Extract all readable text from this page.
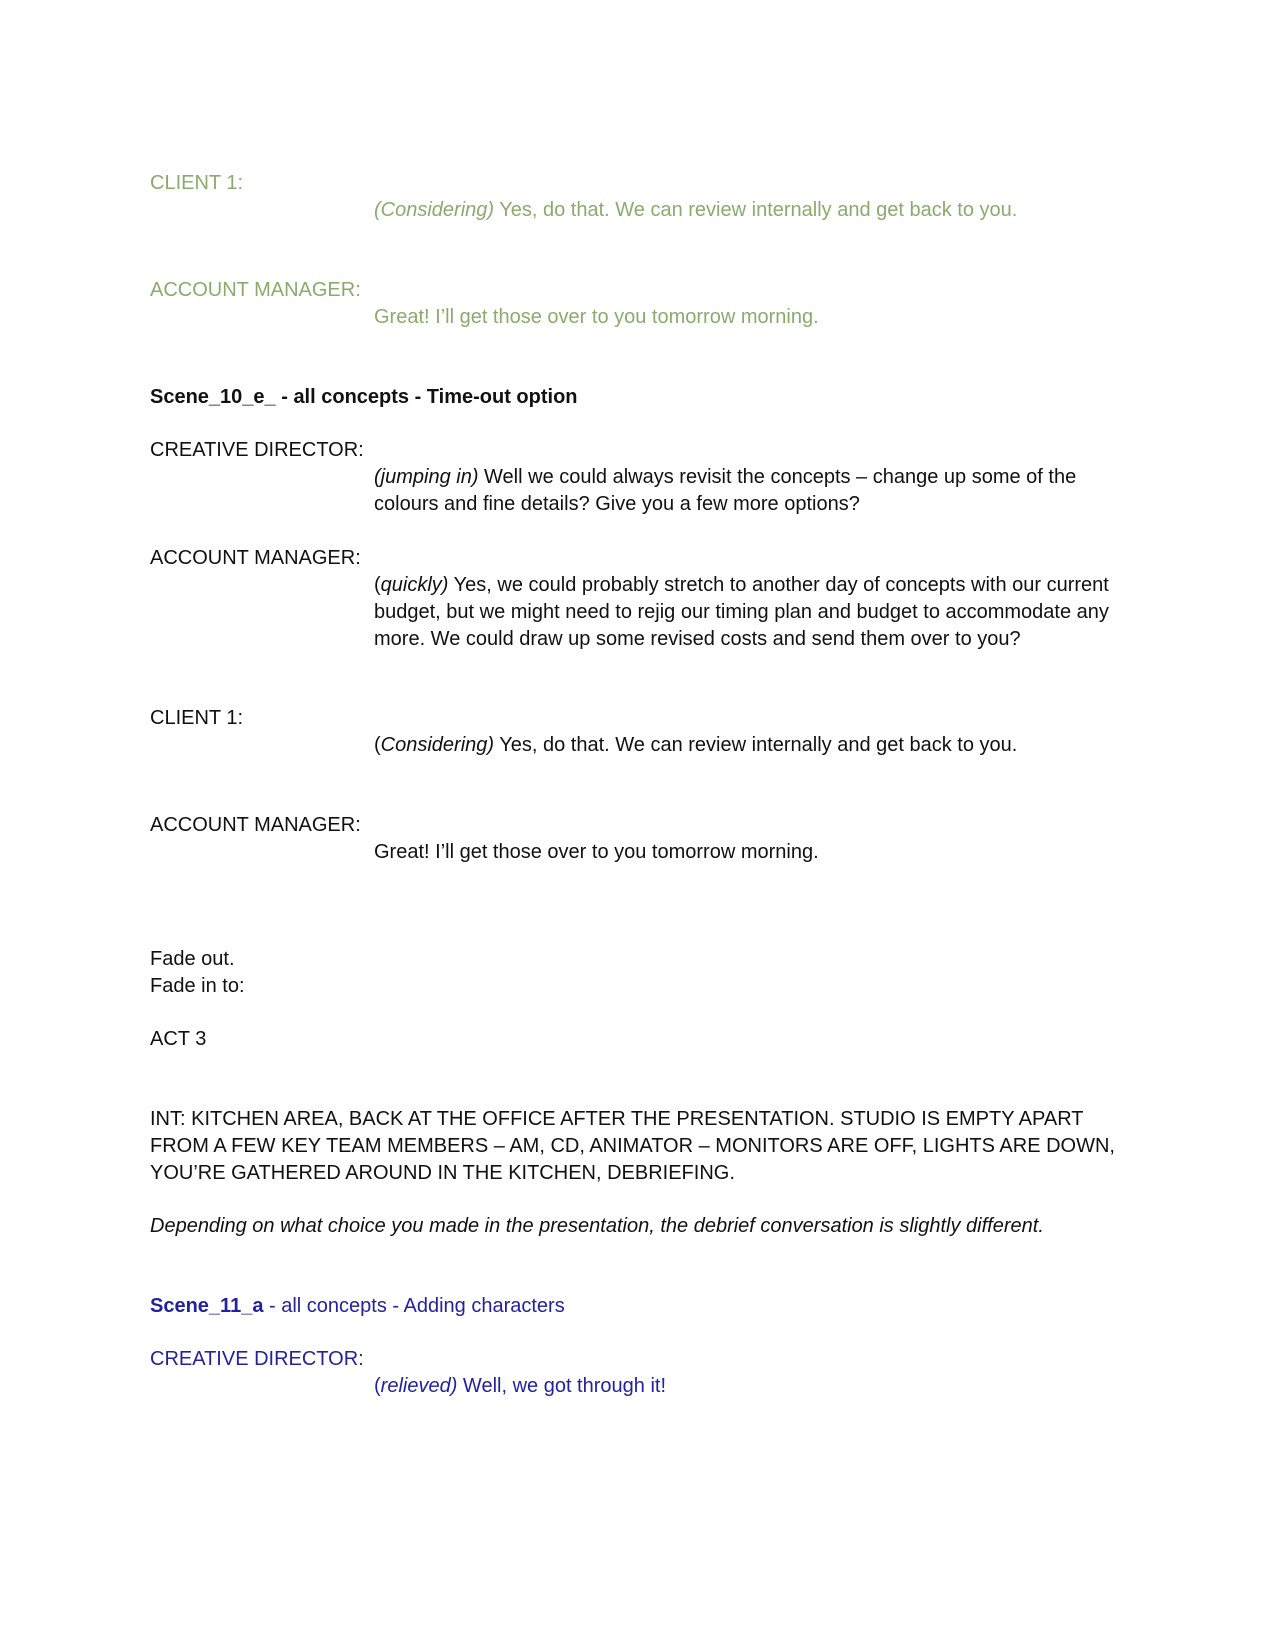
CLIENT 1:
(Considering) Yes, do that. We can review internally and get back to you.
ACCOUNT MANAGER:
Great! I’ll get those over to you tomorrow morning.
Scene_10_e_ - all concepts - Time-out option
CREATIVE DIRECTOR:
(jumping in) Well we could always revisit the concepts – change up some of the colours and fine details? Give you a few more options?
ACCOUNT MANAGER:
(quickly) Yes, we could probably stretch to another day of concepts with our current budget, but we might need to rejig our timing plan and budget to accommodate any more. We could draw up some revised costs and send them over to you?
CLIENT 1:
(Considering) Yes, do that. We can review internally and get back to you.
ACCOUNT MANAGER:
Great! I’ll get those over to you tomorrow morning.
Fade out.
Fade in to:
ACT 3
INT: KITCHEN AREA, BACK AT THE OFFICE AFTER THE PRESENTATION. STUDIO IS EMPTY APART FROM A FEW KEY TEAM MEMBERS – AM, CD, ANIMATOR – MONITORS ARE OFF, LIGHTS ARE DOWN, YOU’RE GATHERED AROUND IN THE KITCHEN, DEBRIEFING.
Depending on what choice you made in the presentation, the debrief conversation is slightly different.
Scene_11_a - all concepts - Adding characters
CREATIVE DIRECTOR:
(relieved) Well, we got through it!
